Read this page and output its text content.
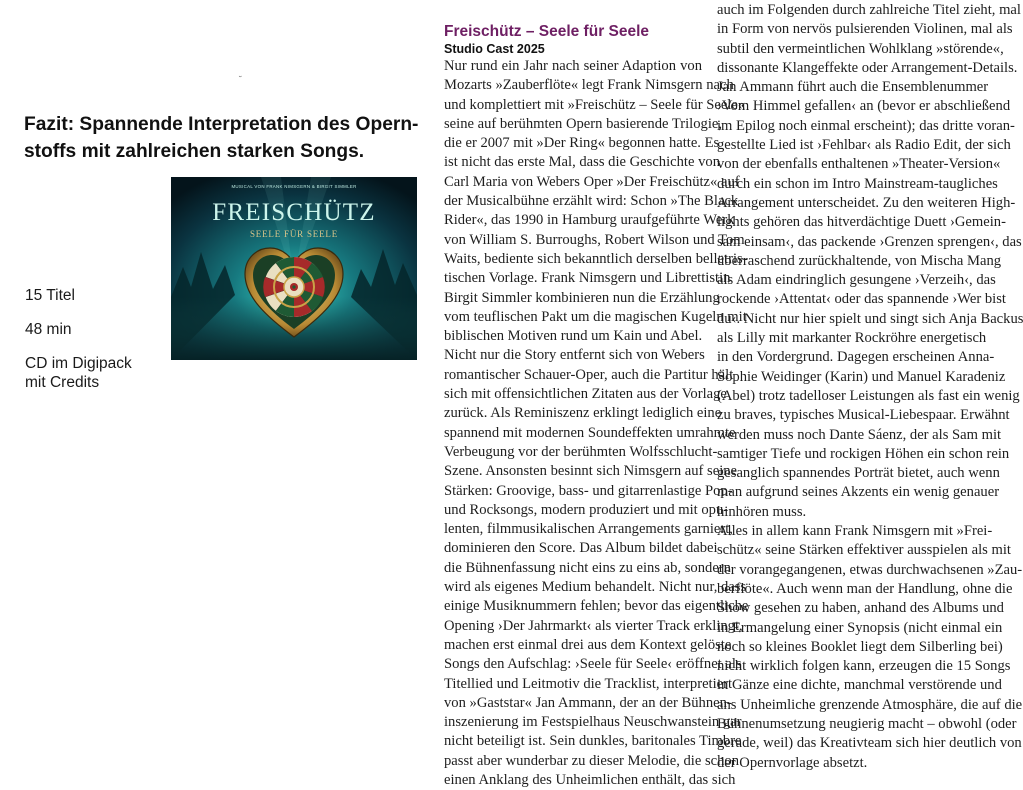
˘
Fazit: Spannende Interpretation des Opern-
stoffs mit zahlreichen starken Songs.
MUSICAL VON FRANK NIMSGERN & BIRGIT SIMMLER
FREISCHÜTZ
SEELE FÜR SEELE
15 Titel
48 min
CD im Digipack
mit Credits
Freischütz – Seele für Seele
Studio Cast 2025
Nur rund ein Jahr nach seiner Adaption von
Mozarts »Zauberflöte« legt Frank Nimsgern nach
und komplettiert mit »Freischütz – Seele für Seele«
seine auf berühmten Opern basierende Trilogie,
die er 2007 mit »Der Ring« begonnen hatte. Es
ist nicht das erste Mal, dass die Geschichte von
Carl Maria von Webers Oper »Der Freischütz« auf
der Musicalbühne erzählt wird: Schon »The Black
Rider«, das 1990 in Hamburg uraufgeführte Werk
von William S. Burroughs, Robert Wilson und Tom
Waits, bediente sich bekanntlich derselben belletris-
tischen Vorlage. Frank Nimsgern und Librettistin
Birgit Simmler kombinieren nun die Erzählung
vom teuflischen Pakt um die magischen Kugeln mit
biblischen Motiven rund um Kain und Abel.
Nicht nur die Story entfernt sich von Webers
romantischer Schauer-Oper, auch die Partitur hält
sich mit offensichtlichen Zitaten aus der Vorlage
zurück. Als Reminiszenz erklingt lediglich eine
spannend mit modernen Soundeffekten umrahmte
Verbeugung vor der berühmten Wolfsschlucht-
Szene. Ansonsten besinnt sich Nimsgern auf seine
Stärken: Groovige, bass- und gitarrenlastige Pop-
und Rocksongs, modern produziert und mit opu-
lenten, filmmusikalischen Arrangements garniert,
dominieren den Score. Das Album bildet dabei
die Bühnenfassung nicht eins zu eins ab, sondern
wird als eigenes Medium behandelt. Nicht nur, dass
einige Musiknummern fehlen; bevor das eigentliche
Opening ›Der Jahrmarkt‹ als vierter Track erklingt,
machen erst einmal drei aus dem Kontext gelöste
Songs den Aufschlag: ›Seele für Seele‹ eröffnet als
Titellied und Leitmotiv die Tracklist, interpretiert
von »Gaststar« Jan Ammann, der an der Bühnen-
inszenierung im Festspielhaus Neuschwanstein gar
nicht beteiligt ist. Sein dunkles, baritonales Timbre
passt aber wunderbar zu dieser Melodie, die schon
einen Anklang des Unheimlichen enthält, das sich
auch im Folgenden durch zahlreiche Titel zieht, mal
in Form von nervös pulsierenden Violinen, mal als
subtil den vermeintlichen Wohlklang »störende«,
dissonante Klangeffekte oder Arrangement-Details.
Jan Ammann führt auch die Ensemblenummer
›Vom Himmel gefallen‹ an (bevor er abschließend
im Epilog noch einmal erscheint); das dritte voran-
gestellte Lied ist ›Fehlbar‹ als Radio Edit, der sich
von der ebenfalls enthaltenen »Theater-Version«
durch ein schon im Intro Mainstream-taugliches
Arrangement unterscheidet. Zu den weiteren High-
lights gehören das hitverdächtige Duett ›Gemein-
sam einsam‹, das packende ›Grenzen sprengen‹, das
überraschend zurückhaltende, von Mischa Mang
als Adam eindringlich gesungene ›Verzeih‹, das
rockende ›Attentat‹ oder das spannende ›Wer bist
du‹. Nicht nur hier spielt und singt sich Anja Backus
als Lilly mit markanter Rockröhre energetisch
in den Vordergrund. Dagegen erscheinen Anna-
Sophie Weidinger (Karin) und Manuel Karadeniz
(Abel) trotz tadelloser Leistungen als fast ein wenig
zu braves, typisches Musical-Liebespaar. Erwähnt
werden muss noch Dante Sáenz, der als Sam mit
samtiger Tiefe und rockigen Höhen ein schon rein
gesanglich spannendes Porträt bietet, auch wenn
man aufgrund seines Akzents ein wenig genauer
hinhören muss.
Alles in allem kann Frank Nimsgern mit »Frei-
schütz« seine Stärken effektiver ausspielen als mit
der vorangegangenen, etwas durchwachsenen »Zau-
berflöte«. Auch wenn man der Handlung, ohne die
Show gesehen zu haben, anhand des Albums und
in Ermangelung einer Synopsis (nicht einmal ein
noch so kleines Booklet liegt dem Silberling bei)
nicht wirklich folgen kann, erzeugen die 15 Songs
in Gänze eine dichte, manchmal verstörende und
ans Unheimliche grenzende Atmosphäre, die auf die
Bühnenumsetzung neugierig macht – obwohl (oder
gerade, weil) das Kreativteam sich hier deutlich von
der Opernvorlage absetzt.
